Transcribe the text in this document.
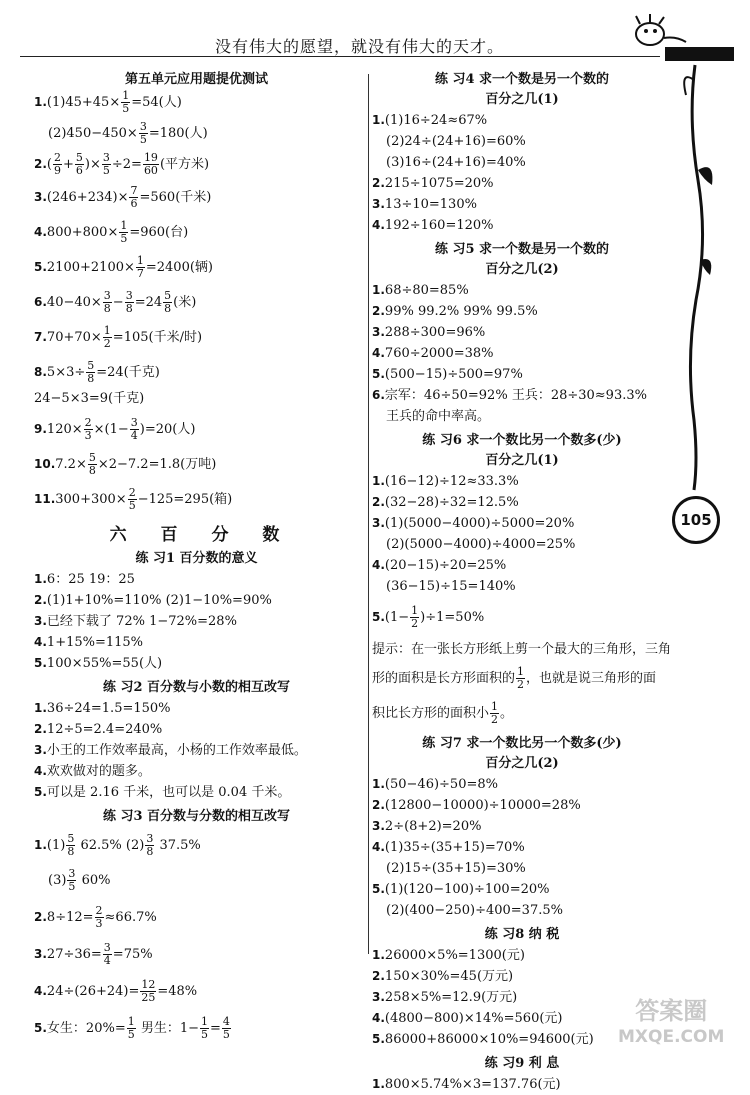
没有伟大的愿望，就没有伟大的天才。
105
第五单元应用题提优测试
$1.(1)45+45\times \frac{1}{5} =54$(人)
$(2)450-450\times \frac{3}{5} =180$(人)
$2.( \frac{2}{9} + \frac{5}{6}$ )× $\frac{3}{5} \div 2= \frac{19}{60}$ (平方米)
$3.(246+234)\times \frac{7}{6} =560$(千米)
$4.800+800\times \frac{1}{5} =960$(台)
$5.2100+2100\times \frac{1}{7} =2400$(辆)
$6.40-40\times \frac{3}{8} - \frac{3}{8} =24 \frac{5}{8}$ (米)
$7.70+70\times \frac{1}{2} =105$(千米/时)
$8.5\times 3\div \frac{5}{8} =24$(千克)
24−5×3=9(千克)
$9.120\times \frac{2}{3} \times(1- \frac{3}{4} )=20$(人)
$10.7.2\times \frac{5}{8} \times 2-7.2=1.8$(万吨)
$11.300+300\times \frac{2}{5} -125=295$(箱)
六 百 分 数
练 习1 百分数的意义
1.6：25 19：25
2.(1)1+10%=110% (2)1−10%=90%
3.已经下载了 72% 1−72%=28%
4.1+15%=115%
5.100×55%=55(人)
练 习2 百分数与小数的相互改写
1.36÷24=1.5=150%
2.12÷5=2.4=240%
3.小王的工作效率最高，小杨的工作效率最低。
4.欢欢做对的题多。
5.可以是 2.16 千米，也可以是 0.04 千米。
练 习3 百分数与分数的相互改写
$1.(1) \frac{5}{8} 62.5\%$ $(2) \frac{3}{8} 37.5\%$
$(3) \frac{3}{5} 60\%$
$2.8\div 12= \frac{2}{3} \approx 66.7\%$
$3.27\div 36= \frac{3}{4} =75\%$
$4.24\div(26+24)= \frac{12}{25} =48\%$
5.女生：$20\%= \frac{1}{5}$ 男生：$1- \frac{1}{5} = \frac{4}{5}$
练 习4 求一个数是另一个数的
百分之几(1)
1.(1)16÷24≈67%
(2)24÷(24+16)=60%
(3)16÷(24+16)=40%
2.215÷1075=20%
3.13÷10=130%
4.192÷160=120%
练 习5 求一个数是另一个数的
百分之几(2)
1.68÷80=85%
2.99% 99.2% 99% 99.5%
3.288÷300=96%
4.760÷2000=38%
5.(500−15)÷500=97%
6.宗军：46÷50=92% 王兵：28÷30≈93.3%
王兵的命中率高。
练 习6 求一个数比另一个数多(少)
百分之几(1)
1.(16−12)÷12≈33.3%
2.(32−28)÷32=12.5%
3.(1)(5000−4000)÷5000=20%
(2)(5000−4000)÷4000=25%
4.(20−15)÷20=25%
(36−15)÷15=140%
$5.(1- \frac{1}{2} )\div 1=50\%$
提示：在一张长方形纸上剪一个最大的三角形，三角
形的面积是长方形面积的 $\frac{1}{2}$ ，也就是说三角形的面
积比长方形的面积小 $\frac{1}{2}$ 。
练 习7 求一个数比另一个数多(少)
百分之几(2)
1.(50−46)÷50=8%
2.(12800−10000)÷10000=28%
3.2÷(8+2)=20%
4.(1)35÷(35+15)=70%
(2)15÷(35+15)=30%
5.(1)(120−100)÷100=20%
(2)(400−250)÷400=37.5%
练 习8 纳 税
1.26000×5%=1300(元)
2.150×30%=45(万元)
3.258×5%=12.9(万元)
4.(4800−800)×14%=560(元)
5.86000+86000×10%=94600(元)
练 习9 利 息
1.800×5.74%×3=137.76(元)
答案圈
MXQE.COM
